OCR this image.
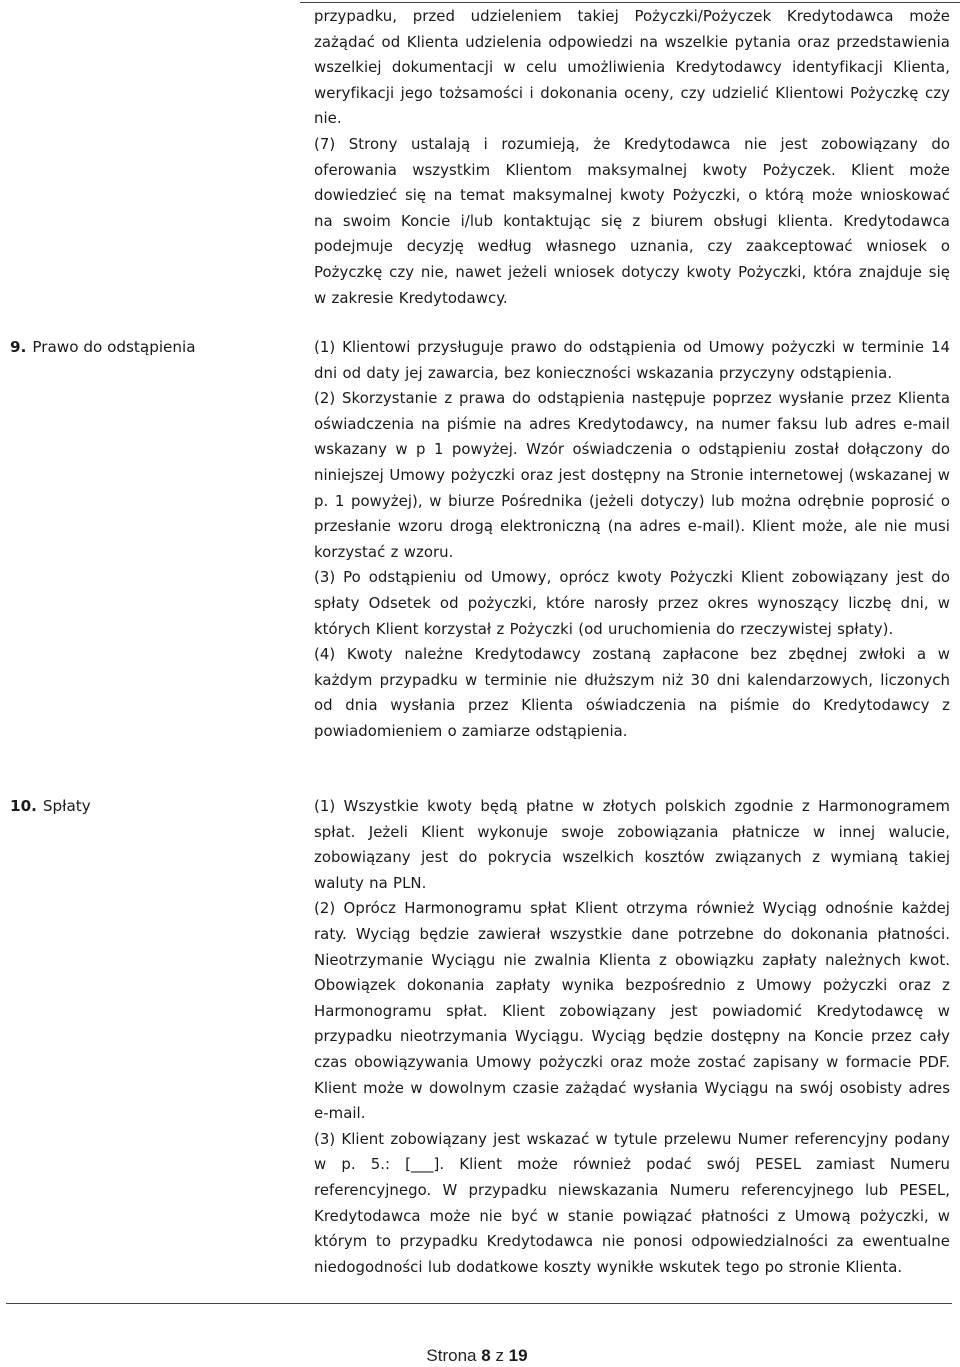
przypadku, przed udzieleniem takiej Pożyczki/Pożyczek Kredytodawca może zażądać od Klienta udzielenia odpowiedzi na wszelkie pytania oraz przedstawienia wszelkiej dokumentacji w celu umożliwienia Kredytodawcy identyfikacji Klienta, weryfikacji jego tożsamości i dokonania oceny, czy udzielić Klientowi Pożyczkę czy nie.

(7) Strony ustalają i rozumieją, że Kredytodawca nie jest zobowiązany do oferowania wszystkim Klientom maksymalnej kwoty Pożyczek. Klient może dowiedzieć się na temat maksymalnej kwoty Pożyczki, o którą może wnioskować na swoim Koncie i/lub kontaktując się z biurem obsługi klienta. Kredytodawca podejmuje decyzję według własnego uznania, czy zaakceptować wniosek o Pożyczkę czy nie, nawet jeżeli wniosek dotyczy kwoty Pożyczki, która znajduje się w zakresie Kredytodawcy.

9. Prawo do odstąpienia	(1) Klientowi przysługuje prawo do odstąpienia od Umowy pożyczki w terminie 14 dni od daty jej zawarcia, bez konieczności wskazania przyczyny odstąpienia.

(2) Skorzystanie z prawa do odstąpienia następuje poprzez wysłanie przez Klienta oświadczenia na piśmie na adres Kredytodawcy, na numer faksu lub adres e-mail wskazany w p 1 powyżej. Wzór oświadczenia o odstąpieniu został dołączony do niniejszej Umowy pożyczki oraz jest dostępny na Stronie internetowej (wskazanej w p. 1 powyżej), w biurze Pośrednika (jeżeli dotyczy) lub można odrębnie poprosić o przesłanie wzoru drogą elektroniczną (na adres e-mail). Klient może, ale nie musi korzystać z wzoru.

(3) Po odstąpieniu od Umowy, oprócz kwoty Pożyczki Klient zobowiązany jest do spłaty Odsetek od pożyczki, które narosły przez okres wynoszący liczbę dni, w których Klient korzystał z Pożyczki (od uruchomienia do rzeczywistej spłaty).

(4) Kwoty należne Kredytodawcy zostaną zapłacone bez zbędnej zwłoki a w każdym przypadku w terminie nie dłuższym niż 30 dni kalendarzowych, liczonych od dnia wysłania przez Klienta oświadczenia na piśmie do Kredytodawcy z powiadomieniem o zamiarze odstąpienia.

10. Spłaty	(1) Wszystkie kwoty będą płatne w złotych polskich zgodnie z Harmonogramem spłat. Jeżeli Klient wykonuje swoje zobowiązania płatnicze w innej walucie, zobowiązany jest do pokrycia wszelkich kosztów związanych z wymianą takiej waluty na PLN.

(2) Oprócz Harmonogramu spłat Klient otrzyma również Wyciąg odnośnie każdej raty. Wyciąg będzie zawierał wszystkie dane potrzebne do dokonania płatności. Nieotrzymanie Wyciągu nie zwalnia Klienta z obowiązku zapłaty należnych kwot. Obowiązek dokonania zapłaty wynika bezpośrednio z Umowy pożyczki oraz z Harmonogramu spłat. Klient zobowiązany jest powiadomić Kredytodawcę w przypadku nieotrzymania Wyciągu. Wyciąg będzie dostępny na Koncie przez cały czas obowiązywania Umowy pożyczki oraz może zostać zapisany w formacie PDF. Klient może w dowolnym czasie zażądać wysłania Wyciągu na swój osobisty adres e-mail.

(3) Klient zobowiązany jest wskazać w tytule przelewu Numer referencyjny podany w p. 5.: [___]. Klient może również podać swój PESEL zamiast Numeru referencyjnego. W przypadku niewskazania Numeru referencyjnego lub PESEL, Kredytodawca może nie być w stanie powiązać płatności z Umową pożyczki, w którym to przypadku Kredytodawca nie ponosi odpowiedzialności za ewentualne niedogodności lub dodatkowe koszty wynikłe wskutek tego po stronie Klienta.

Strona 8 z 19
